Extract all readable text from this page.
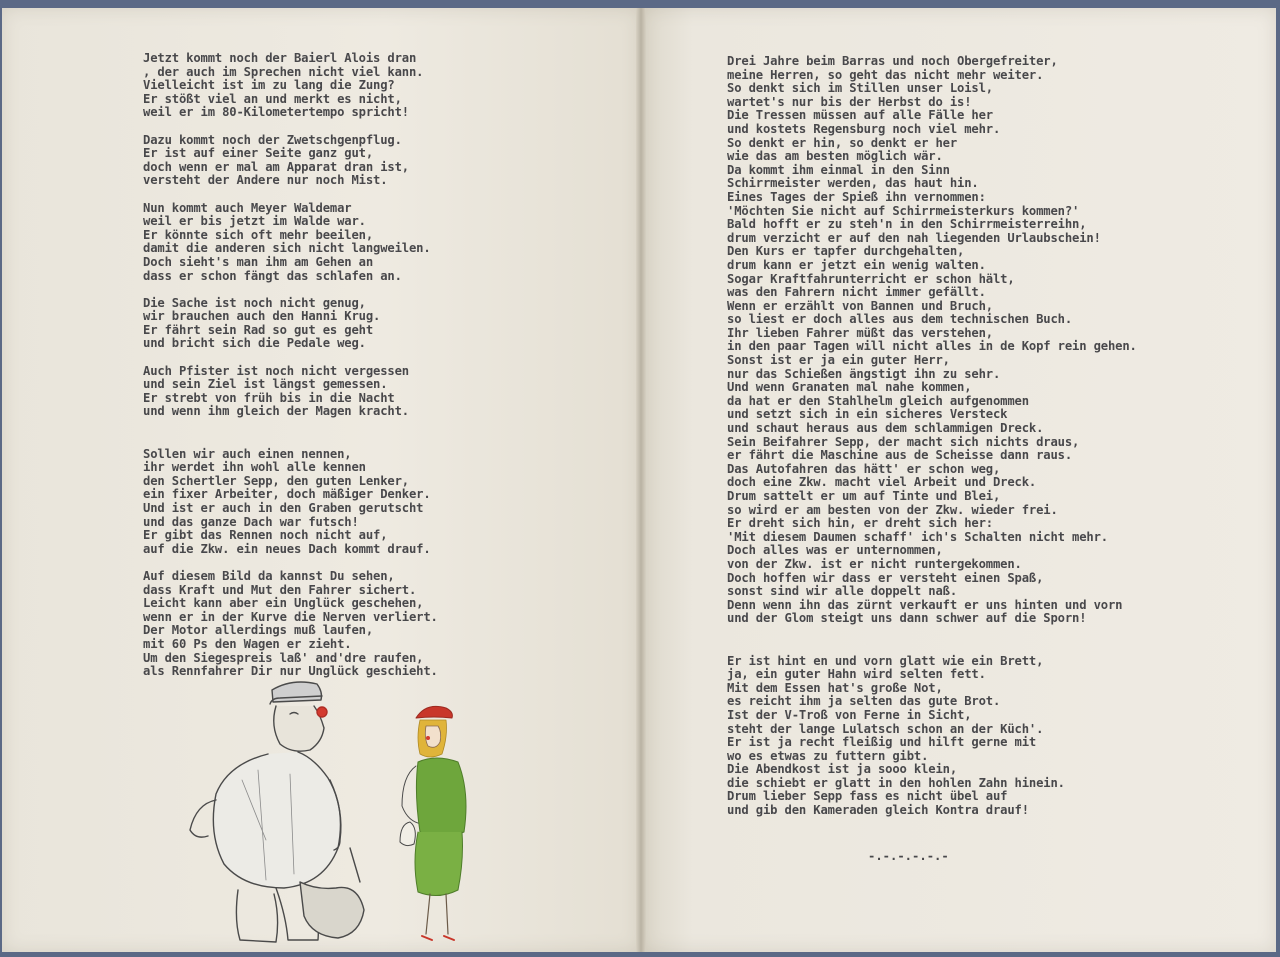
Jetzt kommt noch der Baierl Alois dran
, der auch im Sprechen nicht viel kann.
Vielleicht ist im zu lang die Zung?
Er stößt viel an und merkt es nicht,
weil er im 80-Kilometertempo spricht!
Dazu kommt noch der Zwetschgenpflug.
Er ist auf einer Seite ganz gut,
doch wenn er mal am Apparat dran ist,
versteht der Andere nur noch Mist.
Nun kommt auch Meyer Waldemar
weil er bis jetzt im Walde war.
Er könnte sich oft mehr beeilen,
damit die anderen sich nicht langweilen.
Doch sieht's man ihm am Gehen an
dass er schon fängt das schlafen an.
Die Sache ist noch nicht genug,
wir brauchen auch den Hanni Krug.
Er fährt sein Rad so gut es geht
und bricht sich die Pedale weg.
Auch Pfister ist noch nicht vergessen
und sein Ziel ist längst gemessen.
Er strebt von früh bis in die Nacht
und wenn ihm gleich der Magen kracht.
Sollen wir auch einen nennen,
ihr werdet ihn wohl alle kennen
den Schertler Sepp, den guten Lenker,
ein fixer Arbeiter, doch mäßiger Denker.
Und ist er auch in den Graben gerutscht
und das ganze Dach war futsch!
Er gibt das Rennen noch nicht auf,
auf die Zkw. ein neues Dach kommt drauf.
Auf diesem Bild da kannst Du sehen,
dass Kraft und Mut den Fahrer sichert.
Leicht kann aber ein Unglück geschehen,
wenn er in der Kurve die Nerven verliert.
Der Motor allerdings muß laufen,
mit 60 Ps den Wagen er zieht.
Um den Siegespreis laß' and'dre raufen,
als Rennfahrer Dir nur Unglück geschieht.
Drei Jahre beim Barras und noch Obergefreiter,
meine Herren, so geht das nicht mehr weiter.
So denkt sich im Stillen unser Loisl,
wartet's nur bis der Herbst do is!
Die Tressen müssen auf alle Fälle her
und kostets Regensburg noch viel mehr.
So denkt er hin, so denkt er her
wie das am besten möglich wär.
Da kommt ihm einmal in den Sinn
Schirrmeister werden, das haut hin.
Eines Tages der Spieß ihn vernommen:
'Möchten Sie nicht auf Schirrmeisterkurs kommen?'
Bald hofft er zu steh'n in den Schirrmeisterreihn,
drum verzicht er auf den nah liegenden Urlaubschein!
Den Kurs er tapfer durchgehalten,
drum kann er jetzt ein wenig walten.
Sogar Kraftfahrunterricht er schon hält,
was den Fahrern nicht immer gefällt.
Wenn er erzählt von Bannen und Bruch,
so liest er doch alles aus dem technischen Buch.
Ihr lieben Fahrer müßt das verstehen,
in den paar Tagen will nicht alles in de Kopf rein gehen.
Sonst ist er ja ein guter Herr,
nur das Schießen ängstigt ihn zu sehr.
Und wenn Granaten mal nahe kommen,
da hat er den Stahlhelm gleich aufgenommen
und setzt sich in ein sicheres Versteck
und schaut heraus aus dem schlammigen Dreck.
Sein Beifahrer Sepp, der macht sich nichts draus,
er fährt die Maschine aus de Scheisse dann raus.
Das Autofahren das hätt' er schon weg,
doch eine Zkw. macht viel Arbeit und Dreck.
Drum sattelt er um auf Tinte und Blei,
so wird er am besten von der Zkw. wieder frei.
Er dreht sich hin, er dreht sich her:
'Mit diesem Daumen schaff' ich's Schalten nicht mehr.
Doch alles was er unternommen,
von der Zkw. ist er nicht runtergekommen.
Doch hoffen wir dass er versteht einen Spaß,
sonst sind wir alle doppelt naß.
Denn wenn ihn das zürnt verkauft er uns hinten und vorn
und der Glom steigt uns dann schwer auf die Sporn!
Er ist hint en und vorn glatt wie ein Brett,
ja, ein guter Hahn wird selten fett.
Mit dem Essen hat's große Not,
es reicht ihm ja selten das gute Brot.
Ist der V-Troß von Ferne in Sicht,
steht der lange Lulatsch schon an der Küch'.
Er ist ja recht fleißig und hilft gerne mit
wo es etwas zu futtern gibt.
Die Abendkost ist ja sooo klein,
die schiebt er glatt in den hohlen Zahn hinein.
Drum lieber Sepp fass es nicht übel auf
und gib den Kameraden gleich Kontra drauf!
-.-.-.-.-.-
